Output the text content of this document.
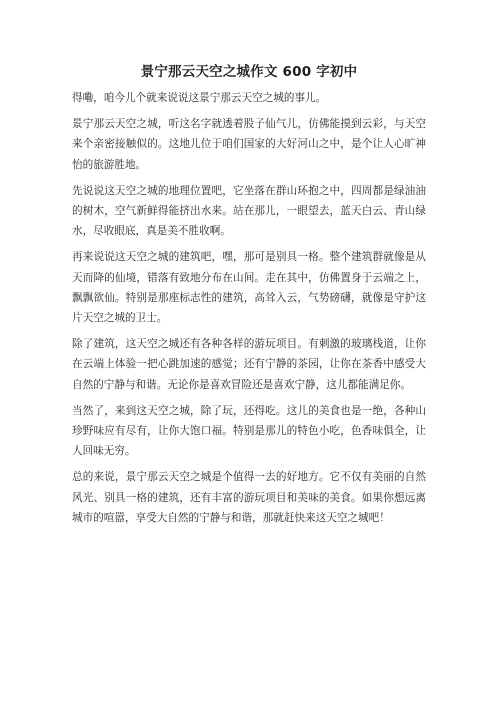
景宁那云天空之城作文 600 字初中

得嘞，咱今儿个就来说说这景宁那云天空之城的事儿。

景宁那云天空之城，听这名字就透着股子仙气儿，仿佛能摸到云彩，与天空来个亲密接触似的。这地儿位于咱们国家的大好河山之中，是个让人心旷神怡的旅游胜地。

先说说这天空之城的地理位置吧，它坐落在群山环抱之中，四周都是绿油油的树木，空气新鲜得能挤出水来。站在那儿，一眼望去，蓝天白云、青山绿水，尽收眼底，真是美不胜收啊。

再来说说这天空之城的建筑吧，嘿，那可是别具一格。整个建筑群就像是从天而降的仙境，错落有致地分布在山间。走在其中，仿佛置身于云端之上，飘飘欲仙。特别是那座标志性的建筑，高耸入云，气势磅礴，就像是守护这片天空之城的卫士。

除了建筑，这天空之城还有各种各样的游玩项目。有刺激的玻璃栈道，让你在云端上体验一把心跳加速的感觉；还有宁静的茶园，让你在茶香中感受大自然的宁静与和谐。无论你是喜欢冒险还是喜欢宁静，这儿都能满足你。

当然了，来到这天空之城，除了玩，还得吃。这儿的美食也是一绝，各种山珍野味应有尽有，让你大饱口福。特别是那儿的特色小吃，色香味俱全，让人回味无穷。

总的来说，景宁那云天空之城是个值得一去的好地方。它不仅有美丽的自然风光、别具一格的建筑，还有丰富的游玩项目和美味的美食。如果你想远离城市的喧嚣，享受大自然的宁静与和谐，那就赶快来这天空之城吧！
